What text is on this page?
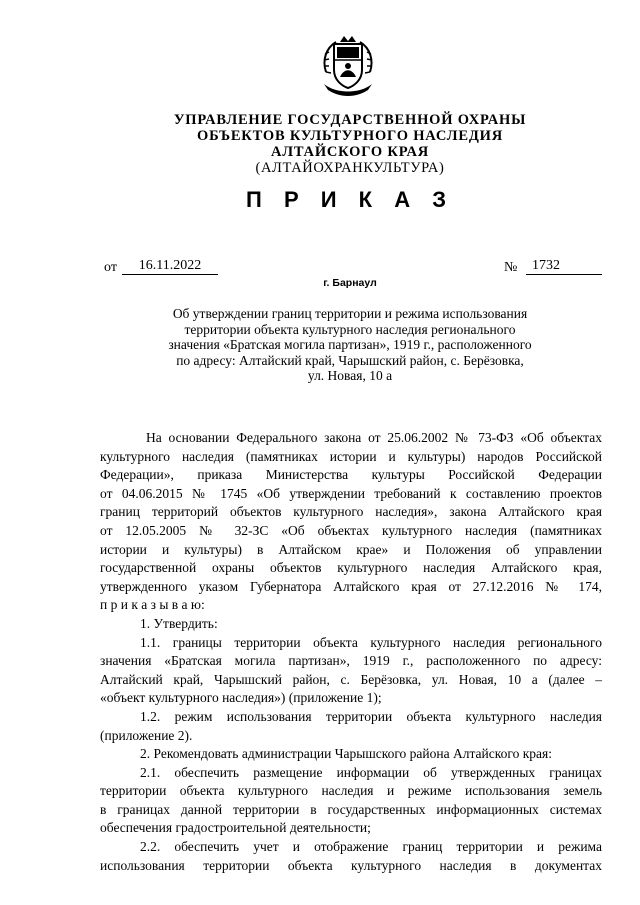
УПРАВЛЕНИЕ ГОСУДАРСТВЕННОЙ ОХРАНЫ
ОБЪЕКТОВ КУЛЬТУРНОГО НАСЛЕДИЯ
АЛТАЙСКОГО КРАЯ
(АЛТАЙОХРАНКУЛЬТУРА)
П Р И К А З
от	16.11.2022	№	1732
г. Барнаул
Об утверждении границ территории и режима использования
территории объекта культурного наследия регионального
значения «Братская могила партизан», 1919 г., расположенного
по адресу: Алтайский край, Чарышский район, с. Берёзовка,
ул. Новая, 10 а
На основании Федерального закона от 25.06.2002 № 73-ФЗ «Об объектах
культурного наследия (памятниках истории и культуры) народов Российской
Федерации», приказа Министерства культуры Российской Федерации
от 04.06.2015 № 1745 «Об утверждении требований к составлению проектов
границ территорий объектов культурного наследия», закона Алтайского края
от 12.05.2005 № 32-ЗС «Об объектах культурного наследия (памятниках
истории и культуры) в Алтайском крае» и Положения об управлении
государственной охраны объектов культурного наследия Алтайского края,
утвержденного указом Губернатора Алтайского края от 27.12.2016 № 174,
п р и к а з ы в а ю:
1. Утвердить:
1.1. границы территории объекта культурного наследия регионального
значения «Братская могила партизан», 1919 г., расположенного по адресу:
Алтайский край, Чарышский район, с. Берёзовка, ул. Новая, 10 а (далее –
«объект культурного наследия») (приложение 1);
1.2. режим использования территории объекта культурного наследия
(приложение 2).
2. Рекомендовать администрации Чарышского района Алтайского края:
2.1. обеспечить размещение информации об утвержденных границах
территории объекта культурного наследия и режиме использования земель
в границах данной территории в государственных информационных системах
обеспечения градостроительной деятельности;
2.2. обеспечить учет и отображение границ территории и режима
использования территории объекта культурного наследия в документах
